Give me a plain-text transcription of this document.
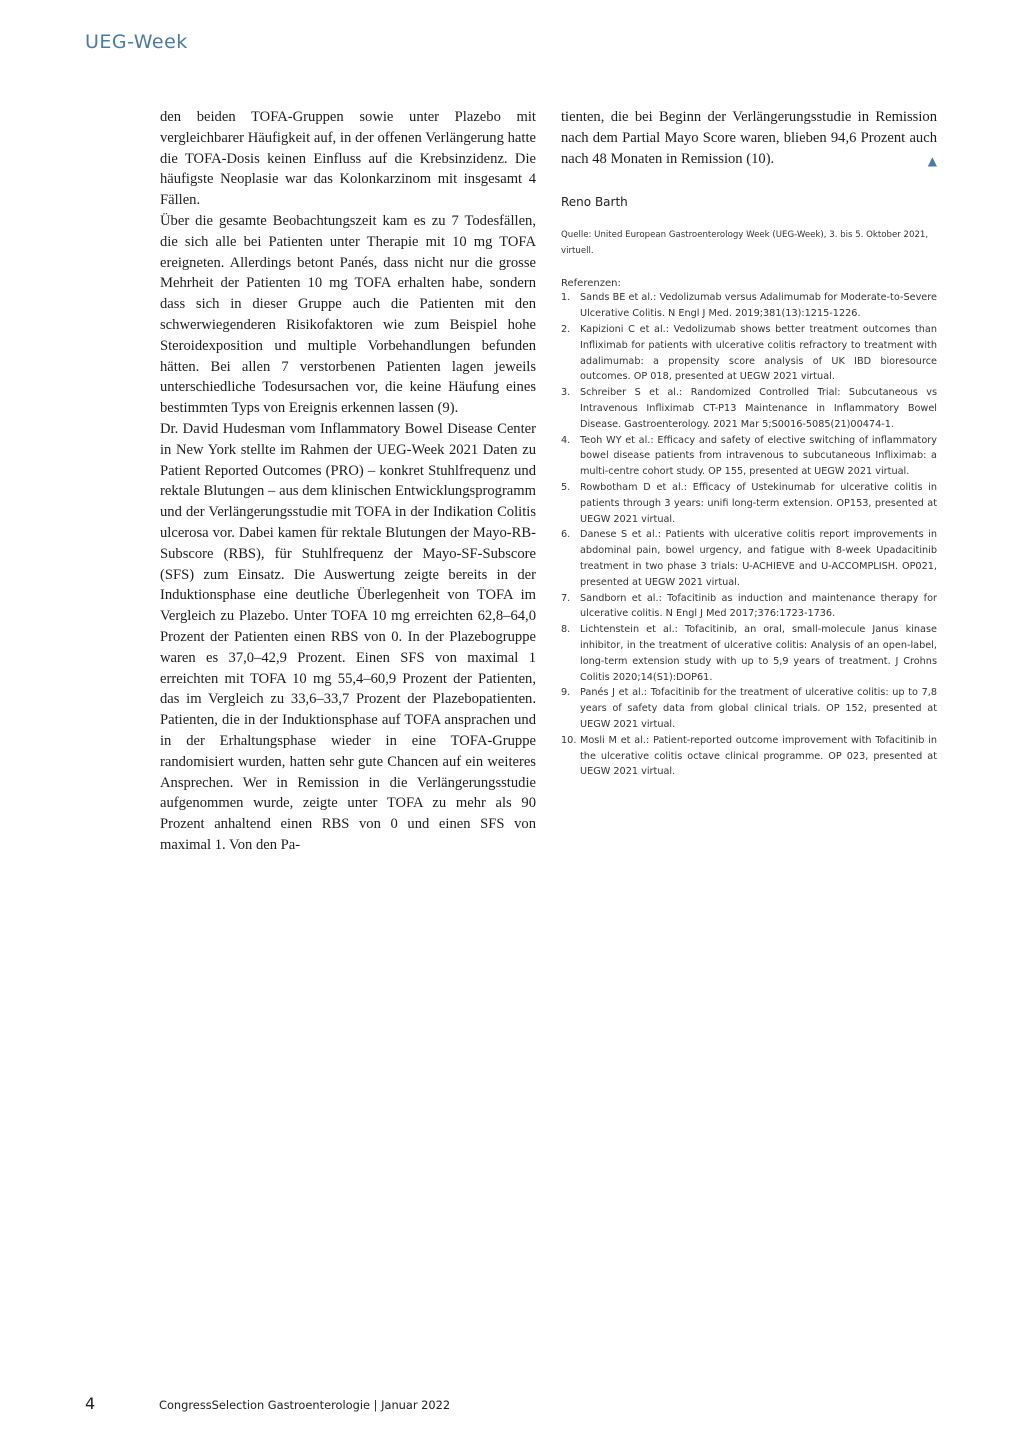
UEG-Week

den beiden TOFA-Gruppen sowie unter Plazebo mit vergleichbarer Häufigkeit auf, in der offenen Verlängerung hatte die TOFA-Dosis keinen Einfluss auf die Krebsinzidenz. Die häufigste Neoplasie war das Kolonkarzinom mit insgesamt 4 Fällen.

Über die gesamte Beobachtungszeit kam es zu 7 Todesfällen, die sich alle bei Patienten unter Therapie mit 10 mg TOFA ereigneten. Allerdings betont Panés, dass nicht nur die grosse Mehrheit der Patienten 10 mg TOFA erhalten habe, sondern dass sich in dieser Gruppe auch die Patienten mit den schwerwiegenderen Risikofaktoren wie zum Beispiel hohe Steroidexposition und multiple Vorbehandlungen befunden hätten. Bei allen 7 verstorbenen Patienten lagen jeweils unterschiedliche Todesursachen vor, die keine Häufung eines bestimmten Typs von Ereignis erkennen lassen (9).

Dr. David Hudesman vom Inflammatory Bowel Disease Center in New York stellte im Rahmen der UEG-Week 2021 Daten zu Patient Reported Outcomes (PRO) – konkret Stuhlfrequenz und rektale Blutungen – aus dem klinischen Entwicklungsprogramm und der Verlängerungsstudie mit TOFA in der Indikation Colitis ulcerosa vor. Dabei kamen für rektale Blutungen der Mayo-RB-Subscore (RBS), für Stuhlfrequenz der Mayo-SF-Subscore (SFS) zum Einsatz. Die Auswertung zeigte bereits in der Induktionsphase eine deutliche Überlegenheit von TOFA im Vergleich zu Plazebo. Unter TOFA 10 mg erreichten 62,8–64,0 Prozent der Patienten einen RBS von 0. In der Plazebogruppe waren es 37,0–42,9 Prozent. Einen SFS von maximal 1 erreichten mit TOFA 10 mg 55,4–60,9 Prozent der Patienten, das im Vergleich zu 33,6–33,7 Prozent der Plazebopatienten. Patienten, die in der Induktionsphase auf TOFA ansprachen und in der Erhaltungsphase wieder in eine TOFA-Gruppe randomisiert wurden, hatten sehr gute Chancen auf ein weiteres Ansprechen. Wer in Remission in die Verlängerungsstudie aufgenommen wurde, zeigte unter TOFA zu mehr als 90 Prozent anhaltend einen RBS von 0 und einen SFS von maximal 1. Von den Pa-

tienten, die bei Beginn der Verlängerungsstudie in Remission nach dem Partial Mayo Score waren, blieben 94,6 Prozent auch nach 48 Monaten in Remission (10).	▲

Reno Barth

Quelle: United European Gastroenterology Week (UEG-Week), 3. bis 5. Oktober 2021, virtuell.

Referenzen:

1.	Sands BE et al.: Vedolizumab versus Adalimumab for Moderate-to-Severe Ulcerative Colitis. N Engl J Med. 2019;381(13):1215-1226.
2.	Kapizioni C et al.: Vedolizumab shows better treatment outcomes than Infliximab for patients with ulcerative colitis refractory to treatment with adalimumab: a propensity score analysis of UK IBD bioresource outcomes. OP 018, presented at UEGW 2021 virtual.
3.	Schreiber S et al.: Randomized Controlled Trial: Subcutaneous vs Intravenous Infliximab CT-P13 Maintenance in Inflammatory Bowel Disease. Gastroenterology. 2021 Mar 5;S0016-5085(21)00474-1.
4.	Teoh WY et al.: Efficacy and safety of elective switching of inflammatory bowel disease patients from intravenous to subcutaneous Infliximab: a multi-centre cohort study. OP 155, presented at UEGW 2021 virtual.
5.	Rowbotham D et al.: Efficacy of Ustekinumab for ulcerative colitis in patients through 3 years: unifi long-term extension. OP153, presented at UEGW 2021 virtual.
6.	Danese S et al.: Patients with ulcerative colitis report improvements in abdominal pain, bowel urgency, and fatigue with 8-week Upadacitinib treatment in two phase 3 trials: U-ACHIEVE and U-ACCOMPLISH. OP021, presented at UEGW 2021 virtual.
7.	Sandborn et al.: Tofacitinib as induction and maintenance therapy for ulcerative colitis. N Engl J Med 2017;376:1723-1736.
8.	Lichtenstein et al.: Tofacitinib, an oral, small-molecule Janus kinase inhibitor, in the treatment of ulcerative colitis: Analysis of an open-label, long-term extension study with up to 5,9 years of treatment. J Crohns Colitis 2020;14(S1):DOP61.
9.	Panés J et al.: Tofacitinib for the treatment of ulcerative colitis: up to 7,8 years of safety data from global clinical trials. OP 152, presented at UEGW 2021 virtual.
10. Mosli M et al.: Patient-reported outcome improvement with Tofacitinib in the ulcerative colitis octave clinical programme. OP 023, presented at UEGW 2021 virtual.
4	CongressSelection Gastroenterologie | Januar 2022
